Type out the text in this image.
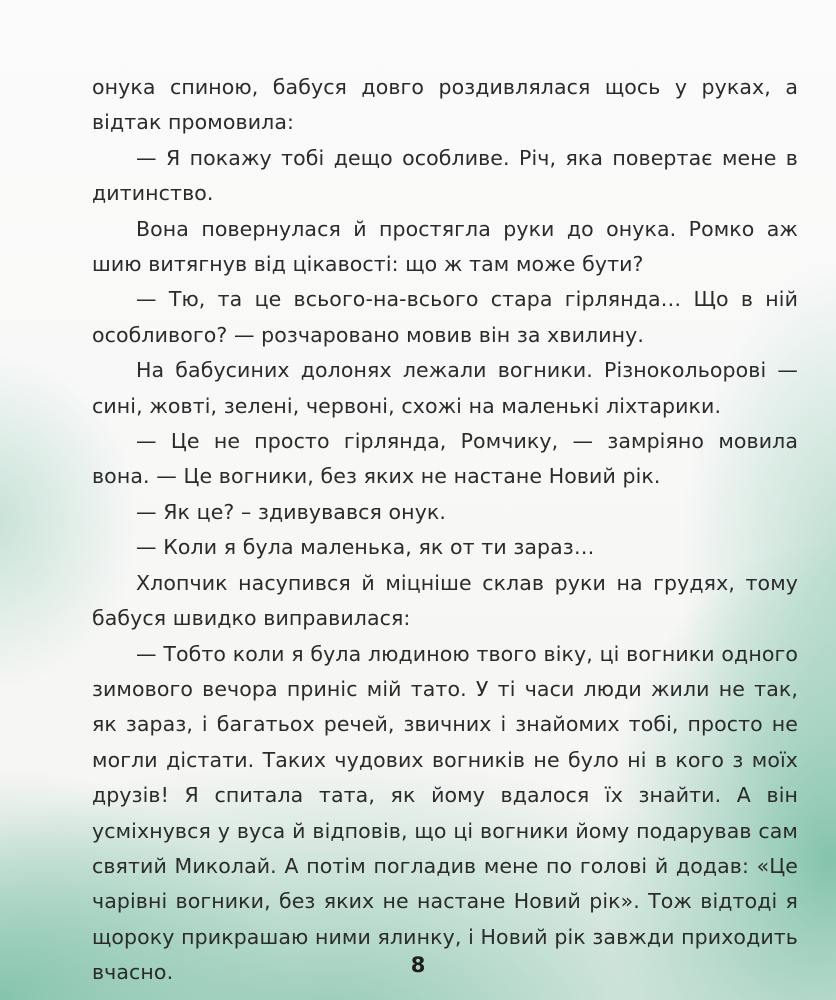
онука спиною, бабуся довго роздивлялася щось у руках, а відтак промовила:

— Я покажу тобі дещо особливе. Річ, яка повертає мене в дитинство.

Вона повернулася й простягла руки до онука. Ромко аж шию витягнув від цікавості: що ж там може бути?

— Тю, та це всього-на-всього стара гірлянда… Що в ній особливого? — розчаровано мовив він за хвилину.

На бабусиних долонях лежали вогники. Різнокольорові — сині, жовті, зелені, червоні, схожі на маленькі ліхтарики.

— Це не просто гірлянда, Ромчику, — замріяно мовила вона. — Це вогники, без яких не настане Новий рік.

— Як це? – здивувався онук.

— Коли я була маленька, як от ти зараз…

Хлопчик насупився й міцніше склав руки на грудях, тому бабуся швидко виправилася:

— Тобто коли я була людиною твого віку, ці вогники одного зимового вечора приніс мій тато. У ті часи люди жили не так, як зараз, і багатьох речей, звичних і знайомих тобі, просто не могли дістати. Таких чудових вогників не було ні в кого з моїх друзів! Я спитала тата, як йому вдалося їх знайти. А він усміхнувся у вуса й відповів, що ці вогники йому подарував сам святий Миколай. А потім погладив мене по голові й додав: «Це чарівні вогники, без яких не настане Новий рік». Тож відтоді я щороку прикрашаю ними ялинку, і Новий рік завжди приходить вчасно.	8
